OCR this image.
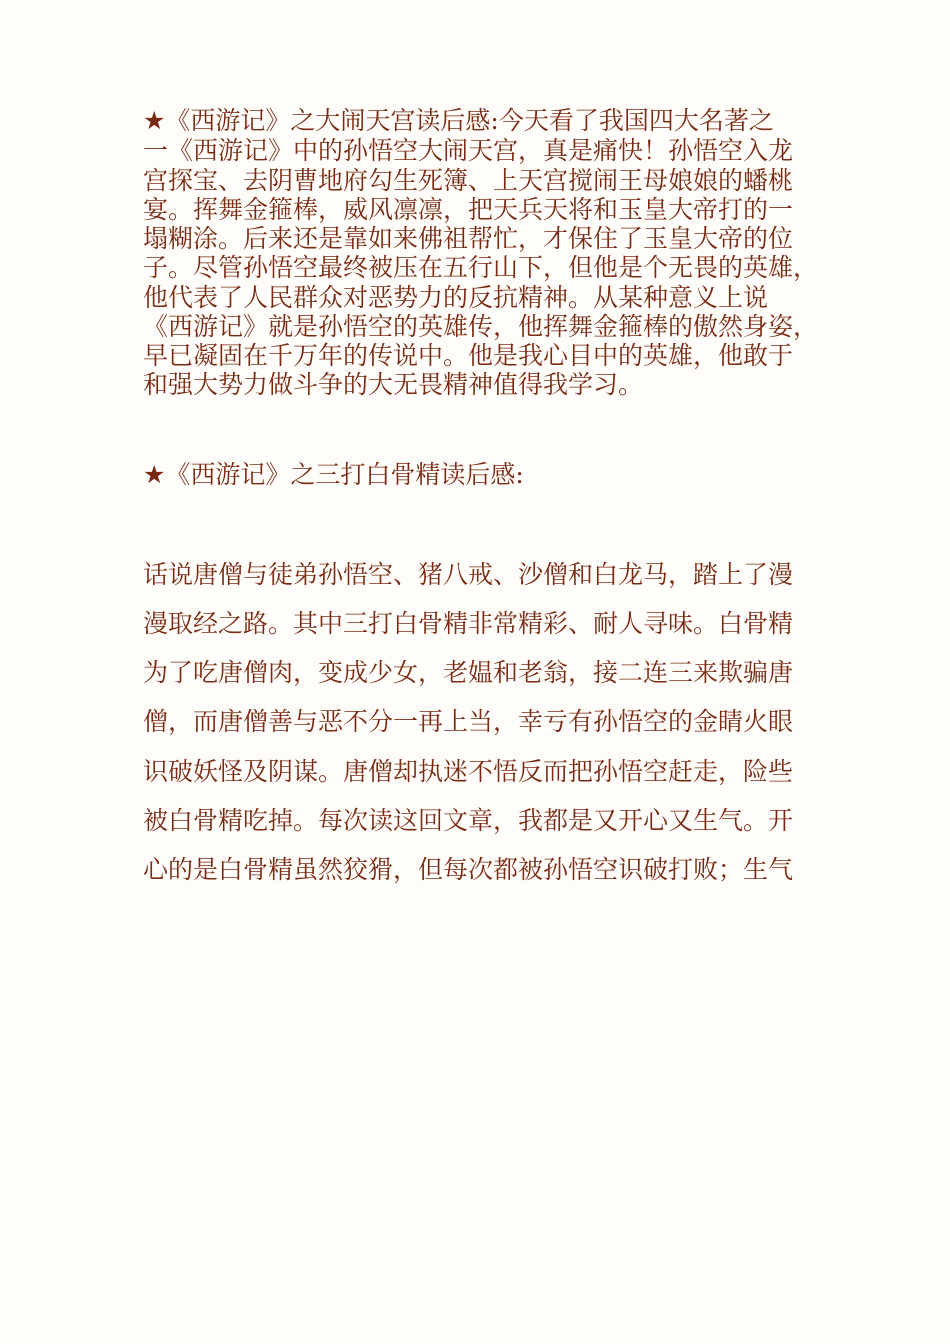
★《西游记》之大闹天宫读后感:今天看了我国四大名著之
一《西游记》中的孙悟空大闹天宫，真是痛快！孙悟空入龙
宫探宝、去阴曹地府勾生死簿、上天宫搅闹王母娘娘的蟠桃
宴。挥舞金箍棒，威风凛凛，把天兵天将和玉皇大帝打的一
塌糊涂。后来还是靠如来佛祖帮忙，才保住了玉皇大帝的位
子。尽管孙悟空最终被压在五行山下，但他是个无畏的英雄，
他代表了人民群众对恶势力的反抗精神。从某种意义上说
《西游记》就是孙悟空的英雄传，他挥舞金箍棒的傲然身姿，
早已凝固在千万年的传说中。他是我心目中的英雄，他敢于
和强大势力做斗争的大无畏精神值得我学习。
★《西游记》之三打白骨精读后感:
话说唐僧与徒弟孙悟空、猪八戒、沙僧和白龙马，踏上了漫
漫取经之路。其中三打白骨精非常精彩、耐人寻味。白骨精
为了吃唐僧肉，变成少女，老媪和老翁，接二连三来欺骗唐
僧，而唐僧善与恶不分一再上当，幸亏有孙悟空的金睛火眼
识破妖怪及阴谋。唐僧却执迷不悟反而把孙悟空赶走，险些
被白骨精吃掉。每次读这回文章，我都是又开心又生气。开
心的是白骨精虽然狡猾，但每次都被孙悟空识破打败；生气
